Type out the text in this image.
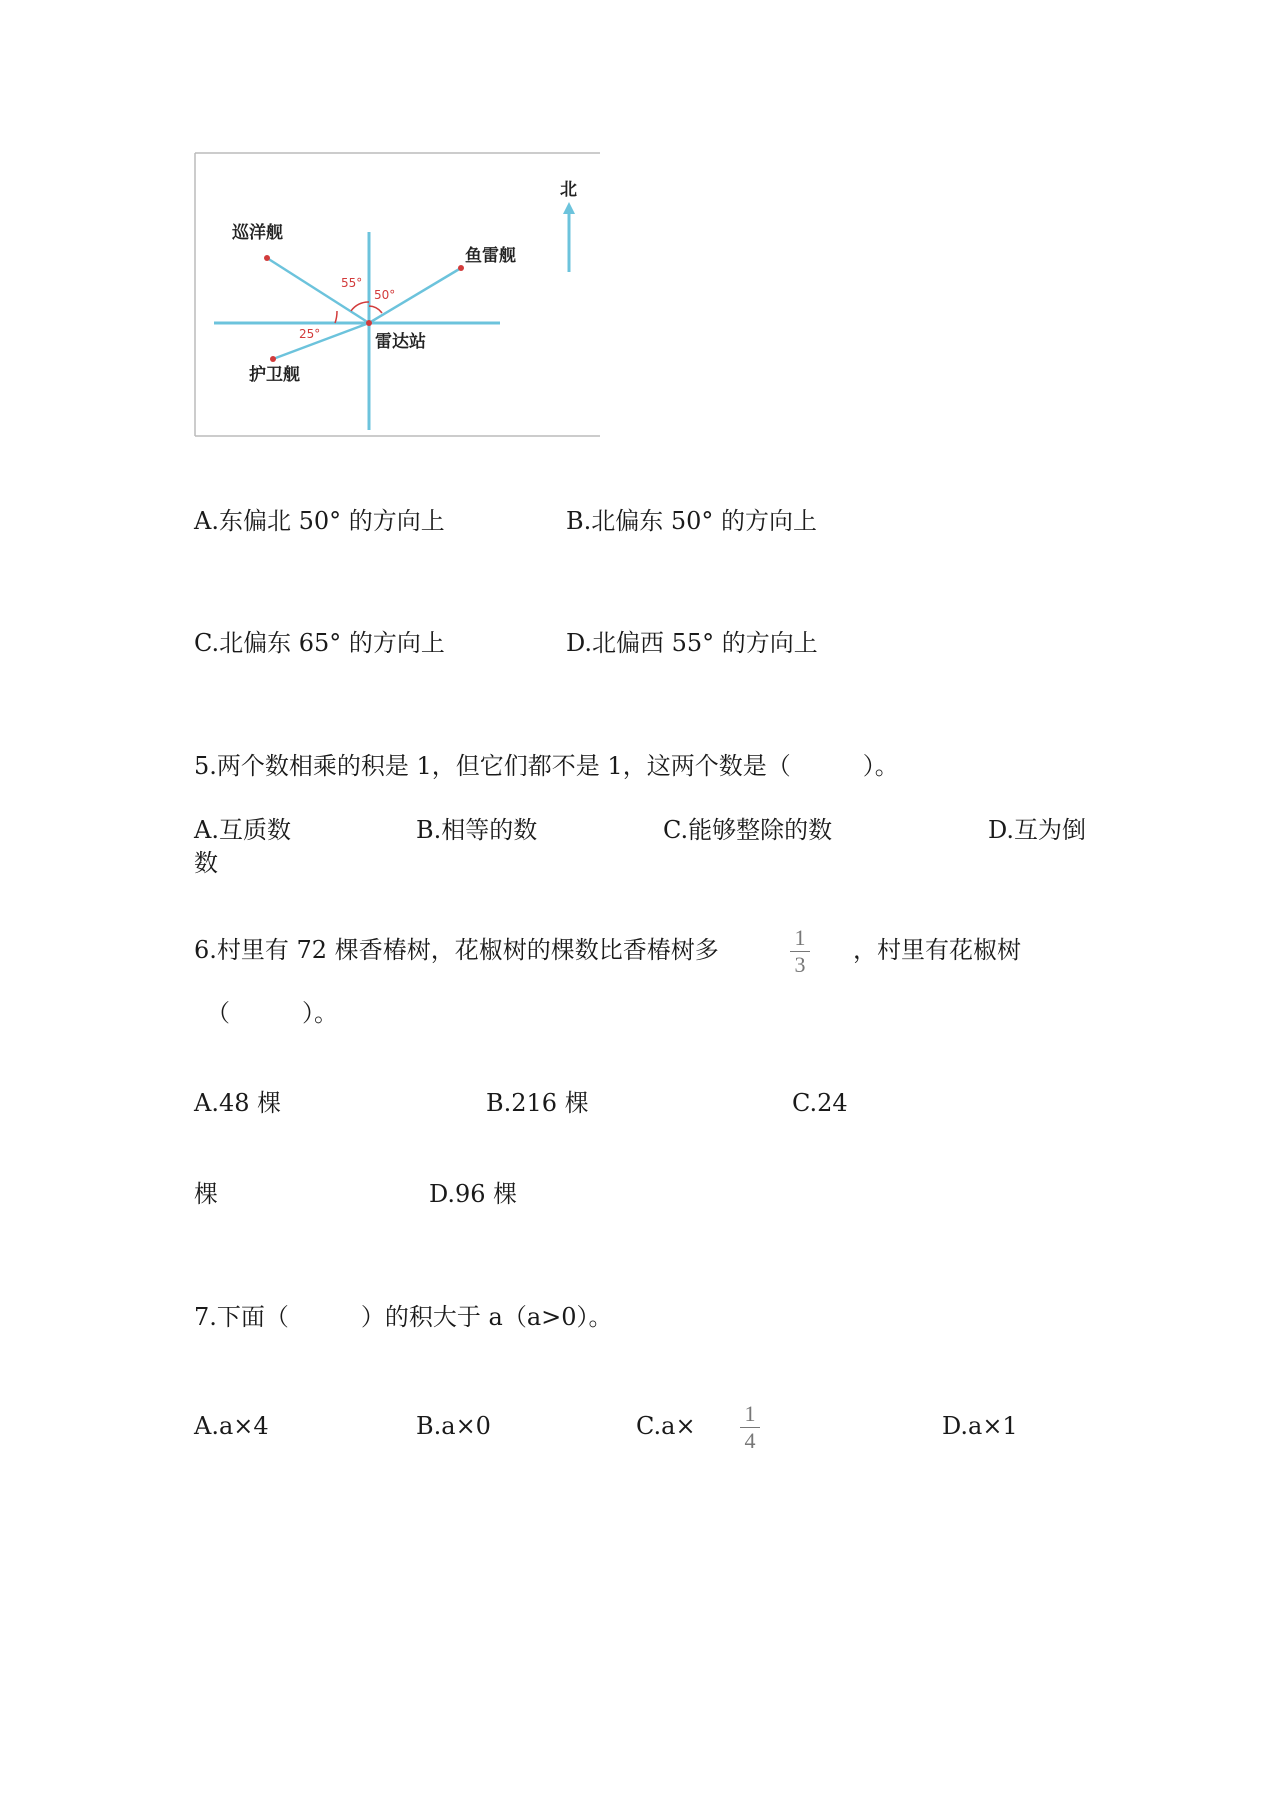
巡洋舰
鱼雷舰
雷达站
护卫舰
55°
50°
25°
北
A.东偏北 50° 的方向上	B.北偏东 50° 的方向上
C.北偏东 65° 的方向上	D.北偏西 55° 的方向上
5.两个数相乘的积是 1，但它们都不是 1，这两个数是（　　　）。
A.互质数	B.相等的数	C.能够整除的数	D.互为倒
数
6.村里有 72 棵香椿树，花椒树的棵数比香椿树多	1
3
，村里有花椒树
（　　　）。
A.48 棵	B.216 棵	C.24
棵	D.96 棵
7.下面（　　　）的积大于 a（a>0）。
A.a×4	B.a×0	C.a× 1
4
D.a×1
